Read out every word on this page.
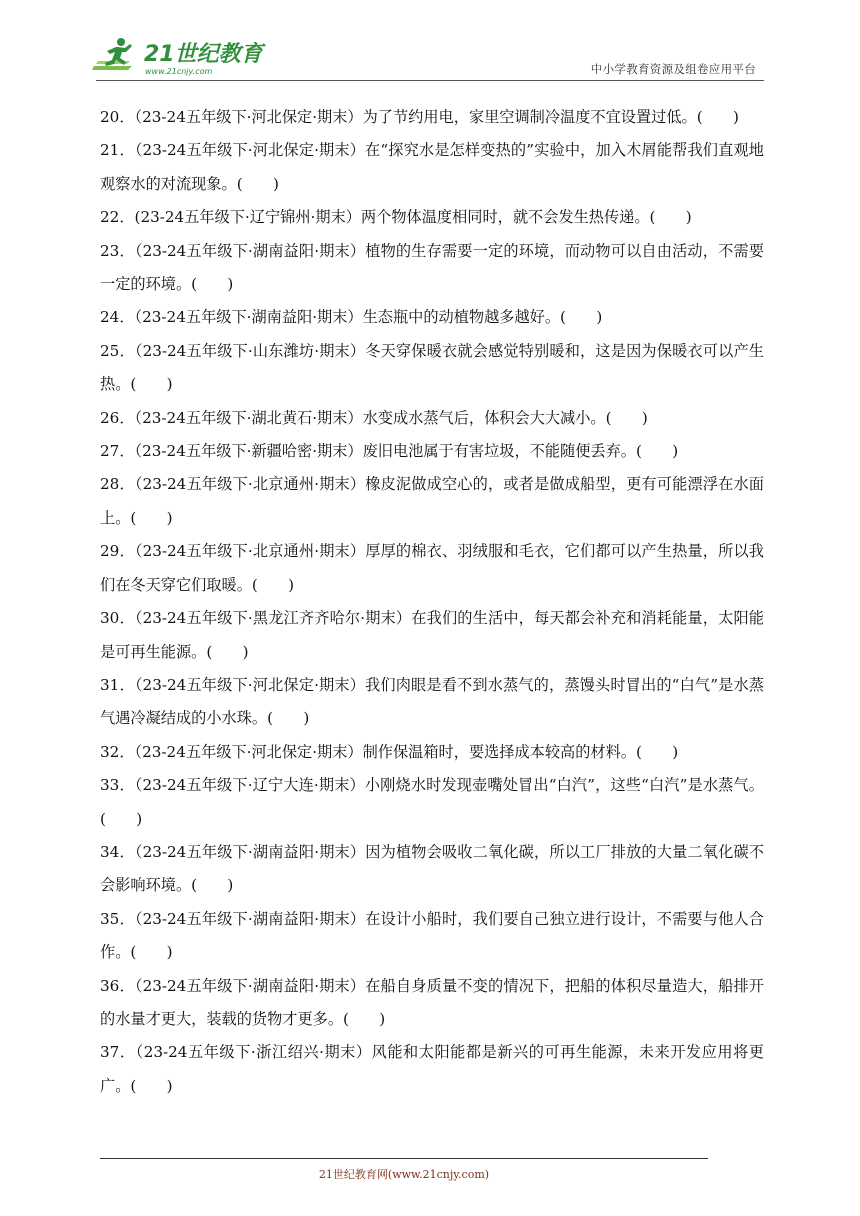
21世纪教育
www.21cnjy.com	中小学教育资源及组卷应用平台

20．（23-24五年级下·河北保定·期末）为了节约用电，家里空调制冷温度不宜设置过低。(　　)

21．（23-24五年级下·河北保定·期末）在“探究水是怎样变热的”实验中，加入木屑能帮我们直观地观察水的对流现象。(　　)

22．(23-24五年级下·辽宁锦州·期末）两个物体温度相同时，就不会发生热传递。(　　)

23．（23-24五年级下·湖南益阳·期末）植物的生存需要一定的环境，而动物可以自由活动，不需要一定的环境。(　　)

24．（23-24五年级下·湖南益阳·期末）生态瓶中的动植物越多越好。(　　)

25．（23-24五年级下·山东潍坊·期末）冬天穿保暖衣就会感觉特别暖和，这是因为保暖衣可以产生热。(　　)

26．（23-24五年级下·湖北黄石·期末）水变成水蒸气后，体积会大大减小。(　　)

27．（23-24五年级下·新疆哈密·期末）废旧电池属于有害垃圾，不能随便丢弃。(　　)

28．（23-24五年级下·北京通州·期末）橡皮泥做成空心的，或者是做成船型，更有可能漂浮在水面上。(　　)

29．（23-24五年级下·北京通州·期末）厚厚的棉衣、羽绒服和毛衣，它们都可以产生热量，所以我们在冬天穿它们取暖。(　　)

30．（23-24五年级下·黑龙江齐齐哈尔·期末）在我们的生活中，每天都会补充和消耗能量，太阳能是可再生能源。(　　)

31．（23-24五年级下·河北保定·期末）我们肉眼是看不到水蒸气的，蒸馒头时冒出的“白气”是水蒸气遇冷凝结成的小水珠。(　　)

32．（23-24五年级下·河北保定·期末）制作保温箱时，要选择成本较高的材料。(　　)

33．（23-24五年级下·辽宁大连·期末）小刚烧水时发现壶嘴处冒出“白汽”，这些“白汽”是水蒸气。 (　　)

34．（23-24五年级下·湖南益阳·期末）因为植物会吸收二氧化碳，所以工厂排放的大量二氧化碳不会影响环境。(　　)

35．（23-24五年级下·湖南益阳·期末）在设计小船时，我们要自己独立进行设计，不需要与他人合作。(　　)

36．（23-24五年级下·湖南益阳·期末）在船自身质量不变的情况下，把船的体积尽量造大，船排开的水量才更大，装载的货物才更多。(　　)

37．（23-24五年级下·浙江绍兴·期末）风能和太阳能都是新兴的可再生能源，未来开发应用将更广。(　　)

21世纪教育网(www.21cnjy.com)
